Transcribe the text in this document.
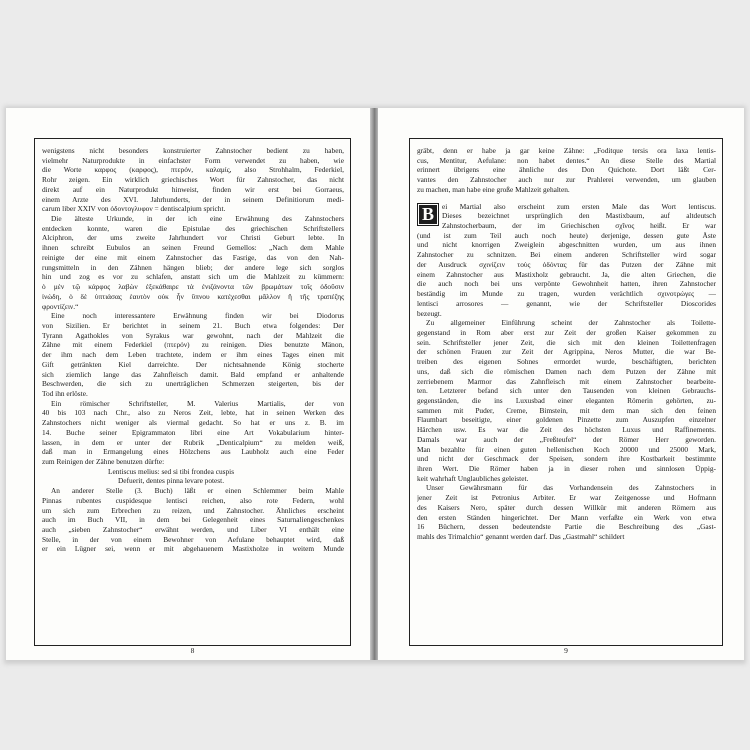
wenigstens nicht besonders konstruierter Zahnstocher bedient zu haben,
vielmehr Naturprodukte in einfachster Form verwendet zu haben, wie
die Worte καρφος (καρφος), πτερόν, καλαμίς, also Strohhalm, Federkiel,
Rohr zeigen. Ein wirklich griechisches Wort für Zahnstocher, das nicht
direkt auf ein Naturprodukt hinweist, finden wir erst bei Gorraeus,
einem Arzte des XVI. Jahrhunderts, der in seinem Definitiorum medi-
carum liber XXIV von ὀδοντογλυφον = dentiscalpium spricht.
Die älteste Urkunde, in der ich eine Erwähnung des Zahnstochers
entdecken konnte, waren die Epistulae des griechischen Schriftstellers
Alciphron, der ums zweite Jahrhundert vor Christi Geburt lebte. In
ihnen schreibt Eubulos an seinen Freund Gemellos: „Nach dem Mahle
reinigte der eine mit einem Zahnstocher das Fasrige, das von den Nah-
rungsmitteln in den Zähnen hängen blieb; der andere lege sich sorglos
hin und zog es vor zu schlafen, anstatt sich um die Mahlzeit zu kümmern:
ὁ μὲν τῷ κάρφος λαβὼν ἐξεκάθαιρε τὰ ἐνιζάνοντα τῶν βρωμάτων τοῖς ὀδοῦσιν
ἰνώδη, ὁ δὲ ὑπτιάσας ἑαυτὸν οὐκ ἦν ὕπνου κατέχεσθαι μᾶλλον ἢ τῆς τραπέζης
φροντίζειν.“
Eine noch interessantere Erwähnung finden wir bei Diodorus
von Sizilien. Er berichtet in seinem 21. Buch etwa folgendes: Der
Tyrann Agathokles von Syrakus war gewohnt, nach der Mahlzeit die
Zähne mit einem Federkiel (πτερόν) zu reinigen. Dies benutzte Mänon,
der ihm nach dem Leben trachtete, indem er ihm eines Tages einen mit
Gift getränkten Kiel darreichte. Der nichtsahnende König stocherte
sich ziemlich lange das Zahnfleisch damit. Bald empfand er anhaltende
Beschwerden, die sich zu unerträglichen Schmerzen steigerten, bis der
Tod ihn erlöste.
Ein römischer Schriftsteller, M. Valerius Martialis, der von
40 bis 103 nach Chr., also zu Neros Zeit, lebte, hat in seinen Werken des
Zahnstochers nicht weniger als viermal gedacht. So hat er uns z. B. im
14. Buche seiner Epigrammaton libri eine Art Vokabularium hinter-
lassen, in dem er unter der Rubrik „Denticalpium“ zu melden weiß,
daß man in Ermangelung eines Hölzchens aus Laubholz auch eine Feder
zum Reinigen der Zähne benutzen dürfte:
Lentiscus melius: sed si tibi frondea cuspis
Defuerit, dentes pinna levare potest.
An anderer Stelle (3. Buch) läßt er einen Schlemmer beim Mahle
Pinnas rubentes cuspidesque lentisci reichen, also rote Federn, wohl
um sich zum Erbrechen zu reizen, und Zahnstocher. Ähnliches erscheint
auch im Buch VII, in dem bei Gelegenheit eines Saturnaliengeschenkes
auch „sieben Zahnstocher“ erwähnt werden, und Liber VI enthält eine
Stelle, in der von einem Bewohner von Aefulane behauptet wird, daß
er ein Lügner sei, wenn er mit abgehauenem Mastixholze in weitem Munde
8
gräbt, denn er habe ja gar keine Zähne: „Foditque tersis ora laxa lentis-
cus, Mentitur, Aefulane: non habet dentes.“ An diese Stelle des Martial
erinnert übrigens eine ähnliche des Don Quichote. Dort läßt Cer-
vantes den Zahnstocher auch nur zur Prahlerei verwenden, um glauben
zu machen, man habe eine große Mahlzeit gehalten.
B	ei Martial also erscheint zum ersten Male das Wort lentiscus.
Dieses bezeichnet ursprünglich den Mastixbaum, auf altdeutsch
Zahnstocherbaum, der im Griechischen σχῖνος heißt. Er war
(und ist zum Teil auch noch heute) derjenige, dessen gute Äste
und nicht knorrigen Zweiglein abgeschnitten wurden, um aus ihnen
Zahnstocher zu schnitzen. Bei einem anderen Schriftsteller wird sogar
der Ausdruck σχινίζειν τοὺς ὀδόντας für das Putzen der Zähne mit
einem Zahnstocher aus Mastixholz gebraucht. Ja, die alten Griechen, die
die auch noch bei uns verpönte Gewohnheit hatten, ihren Zahnstocher
beständig im Munde zu tragen, wurden verächtlich σχινοτρώγες —
lentisci arrosores — genannt, wie der Schriftsteller Dioscorides
bezeugt.
Zu allgemeiner Einführung scheint der Zahnstocher als Toilette-
gegenstand in Rom aber erst zur Zeit der großen Kaiser gekommen zu
sein. Schriftsteller jener Zeit, die sich mit den kleinen Toilettenfragen
der schönen Frauen zur Zeit der Agrippina, Neros Mutter, die war Be-
treiben des eigenen Sohnes ermordet wurde, beschäftigten, berichten
uns, daß sich die römischen Damen nach dem Putzen der Zähne mit
zerriebenem Marmor das Zahnfleisch mit einem Zahnstocher bearbeite-
ten. Letzterer befand sich unter den Tausenden von kleinen Gebrauchs-
gegenständen, die ins Luxusbad einer eleganten Römerin gehörten, zu-
sammen mit Puder, Creme, Bimstein, mit dem man sich den feinen
Flaumbart beseitigte, einer goldenen Pinzette zum Auszupfen einzelner
Härchen usw. Es war die Zeit des höchsten Luxus und Raffinements.
Damals war auch der „Freßteufel“ der Römer Herr geworden.
Man bezahlte für einen guten hellenischen Koch 20000 und 25000 Mark,
und nicht der Geschmack der Speisen, sondern ihre Kostbarkeit bestimmte
ihren Wert. Die Römer haben ja in dieser rohen und sinnlosen Üppig-
keit wahrhaft Unglaubliches geleistet.
Unser Gewährsmann für das Vorhandensein des Zahnstochers in
jener Zeit ist Petronius Arbiter. Er war Zeitgenosse und Hofmann
des Kaisers Nero, später durch dessen Willkür mit anderen Römern aus
den ersten Ständen hingerichtet. Der Mann verfaßte ein Werk von etwa
16 Büchern, dessen bedeutendste Partie die Beschreibung des „Gast-
mahls des Trimalchio“ genannt werden darf. Das „Gastmahl“ schildert
9
